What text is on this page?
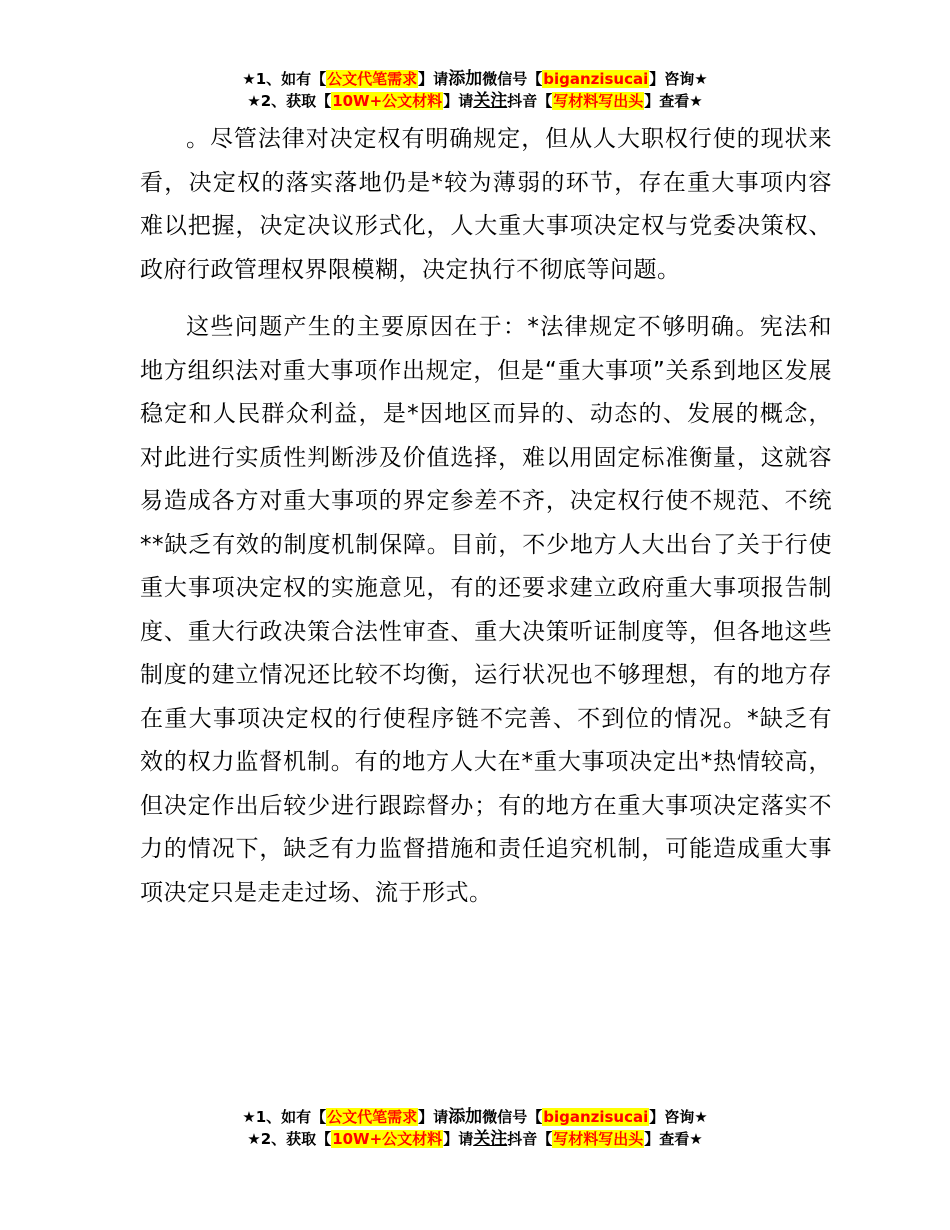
★1、如有【公文代笔需求】请添加微信号【biganzisucai】咨询★
★2、获取【10W+公文材料】请关注抖音【写材料写出头】查看★

。尽管法律对决定权有明确规定，但从人大职权行使的现状来看，决定权的落实落地仍是*较为薄弱的环节，存在重大事项内容难以把握，决定决议形式化，人大重大事项决定权与党委决策权、政府行政管理权界限模糊，决定执行不彻底等问题。

这些问题产生的主要原因在于：*法律规定不够明确。宪法和地方组织法对重大事项作出规定，但是“重大事项”关系到地区发展稳定和人民群众利益，是*因地区而异的、动态的、发展的概念，对此进行实质性判断涉及价值选择，难以用固定标准衡量，这就容易造成各方对重大事项的界定参差不齐，决定权行使不规范、不统**缺乏有效的制度机制保障。目前，不少地方人大出台了关于行使重大事项决定权的实施意见，有的还要求建立政府重大事项报告制度、重大行政决策合法性审查、重大决策听证制度等，但各地这些制度的建立情况还比较不均衡，运行状况也不够理想，有的地方存在重大事项决定权的行使程序链不完善、不到位的情况。*缺乏有效的权力监督机制。有的地方人大在*重大事项决定出*热情较高，但决定作出后较少进行跟踪督办；有的地方在重大事项决定落实不力的情况下，缺乏有力监督措施和责任追究机制，可能造成重大事项决定只是走走过场、流于形式。

★1、如有【公文代笔需求】请添加微信号【biganzisucai】咨询★
★2、获取【10W+公文材料】请关注抖音【写材料写出头】查看★
